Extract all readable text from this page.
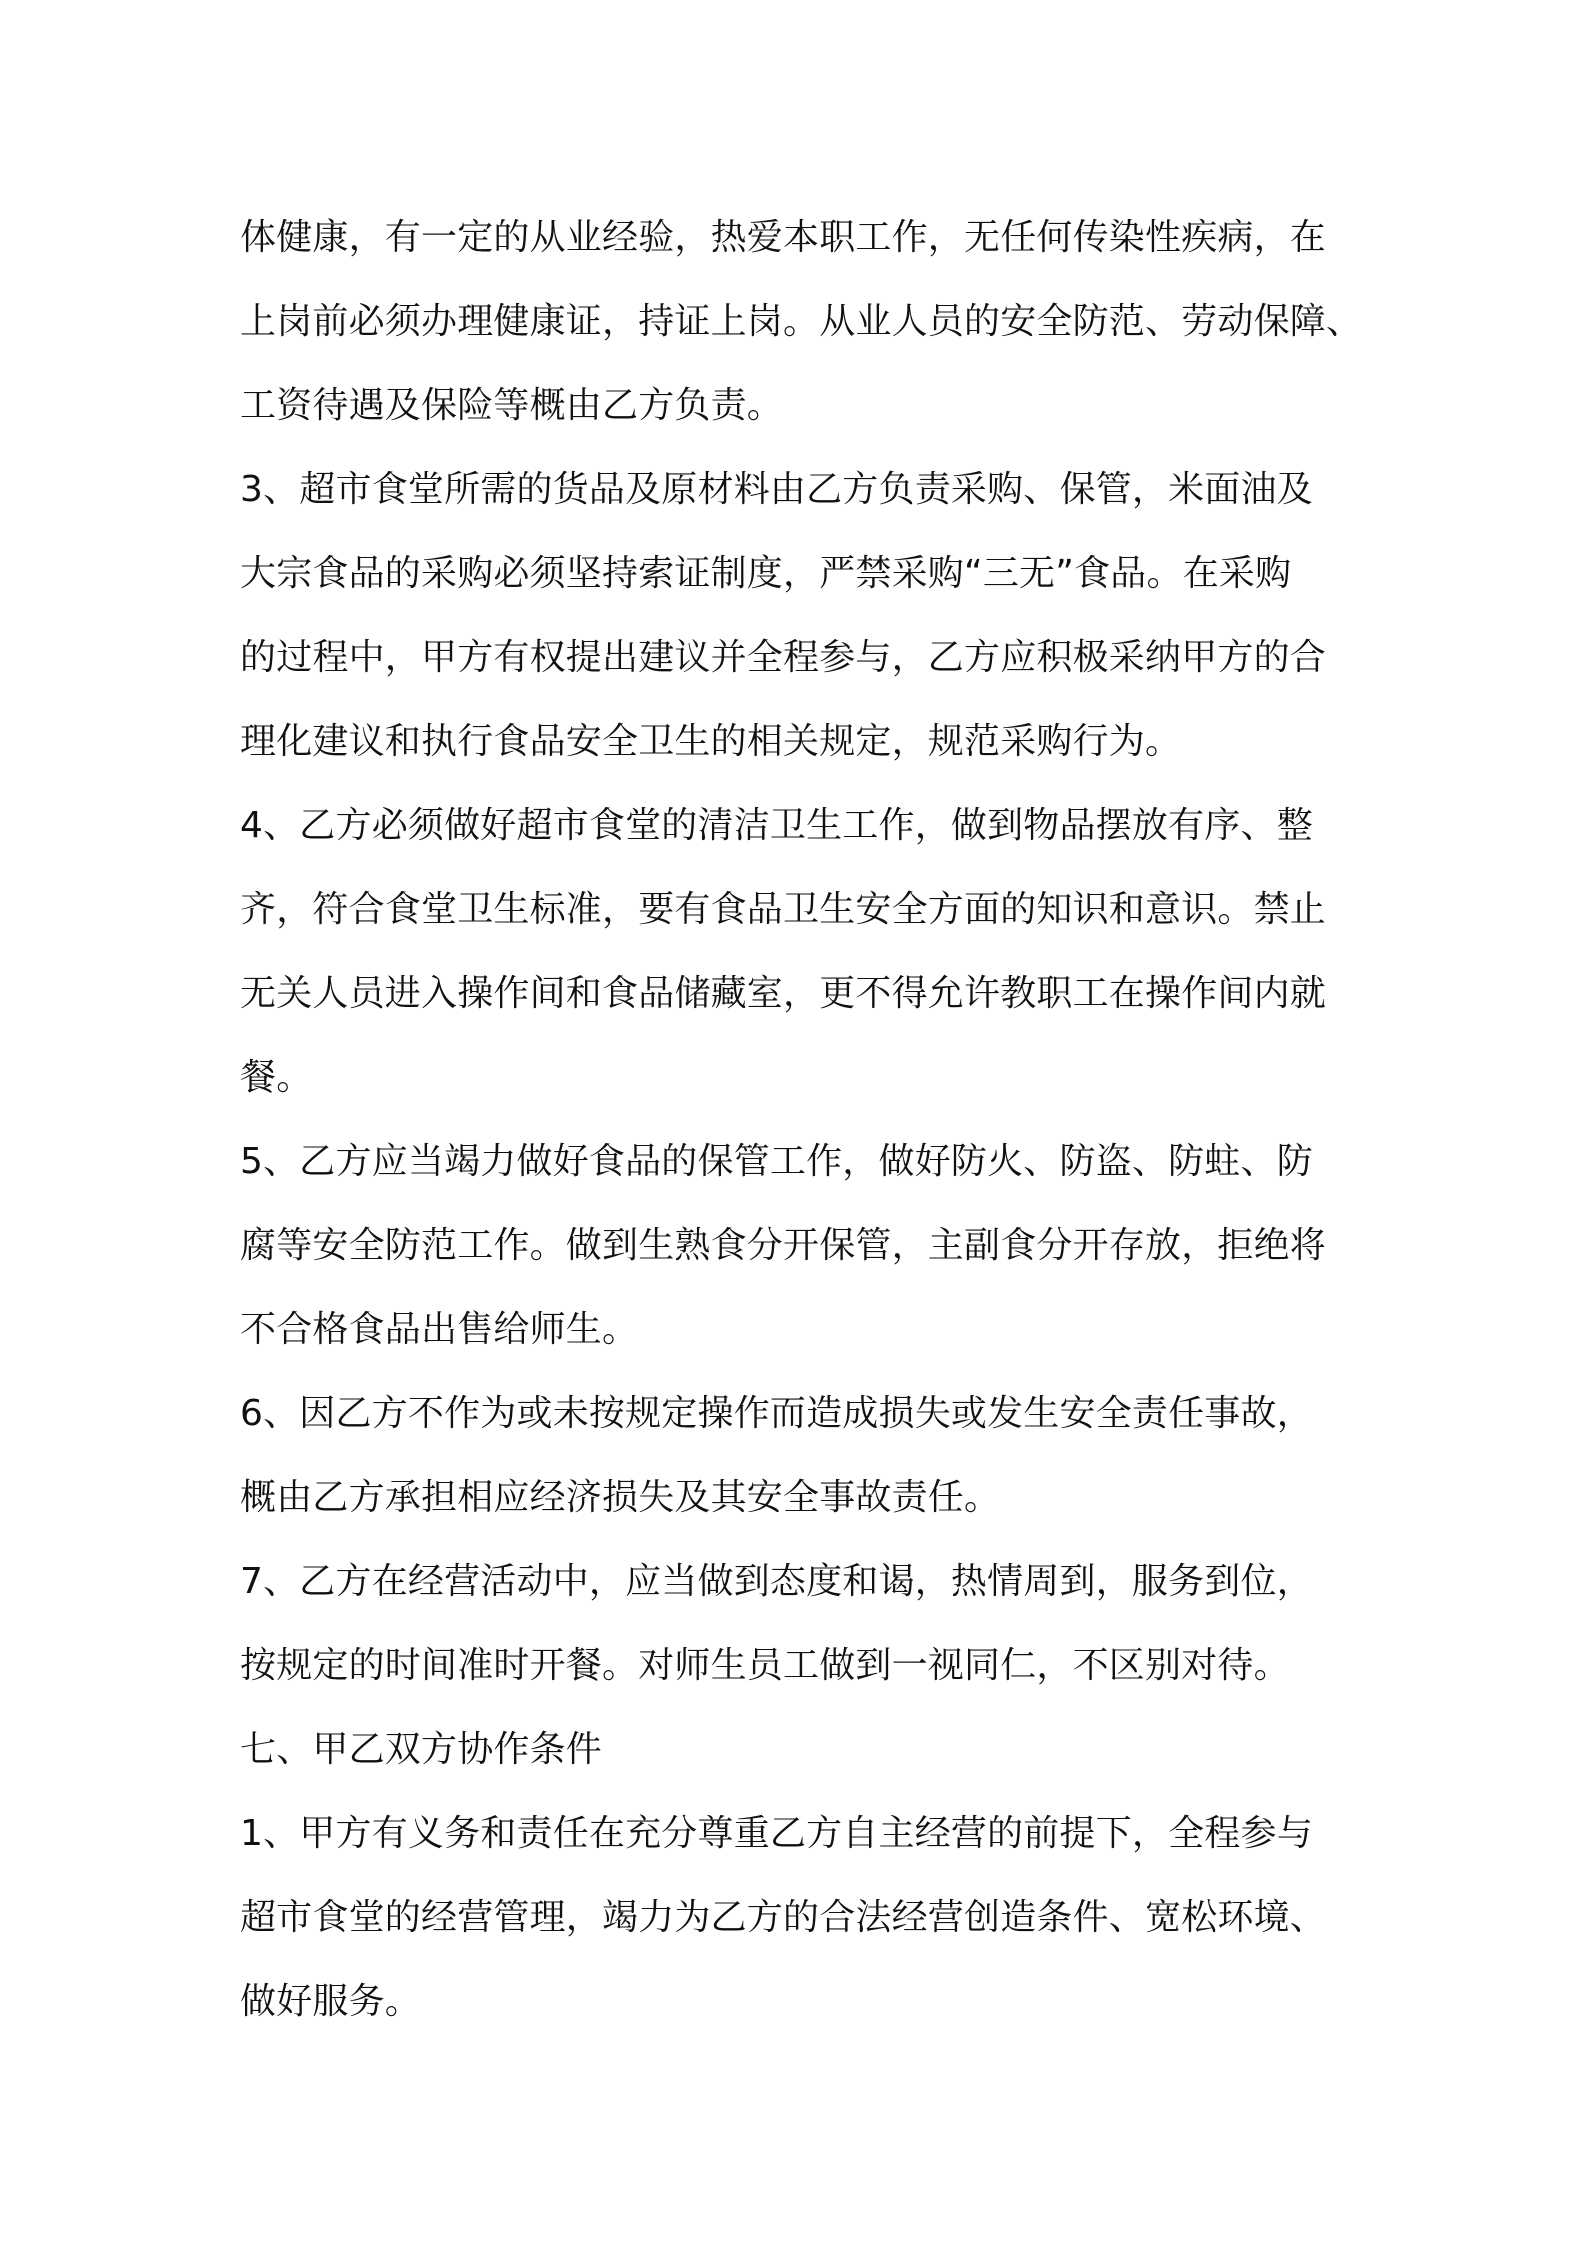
体健康，有一定的从业经验，热爱本职工作，无任何传染性疾病，在
上岗前必须办理健康证，持证上岗。从业人员的安全防范、劳动保障、
工资待遇及保险等概由乙方负责。

3、超市食堂所需的货品及原材料由乙方负责采购、保管，米面油及
大宗食品的采购必须坚持索证制度，严禁采购“三无”食品。在采购
的过程中，甲方有权提出建议并全程参与，乙方应积极采纳甲方的合
理化建议和执行食品安全卫生的相关规定，规范采购行为。

4、乙方必须做好超市食堂的清洁卫生工作，做到物品摆放有序、整
齐，符合食堂卫生标准，要有食品卫生安全方面的知识和意识。禁止
无关人员进入操作间和食品储藏室，更不得允许教职工在操作间内就
餐。

5、乙方应当竭力做好食品的保管工作，做好防火、防盗、防蛀、防
腐等安全防范工作。做到生熟食分开保管，主副食分开存放，拒绝将
不合格食品出售给师生。

6、因乙方不作为或未按规定操作而造成损失或发生安全责任事故，
概由乙方承担相应经济损失及其安全事故责任。

7、乙方在经营活动中，应当做到态度和谒，热情周到，服务到位，
按规定的时间准时开餐。对师生员工做到一视同仁，不区别对待。

七、甲乙双方协作条件

1、甲方有义务和责任在充分尊重乙方自主经营的前提下，全程参与
超市食堂的经营管理，竭力为乙方的合法经营创造条件、宽松环境、
做好服务。
